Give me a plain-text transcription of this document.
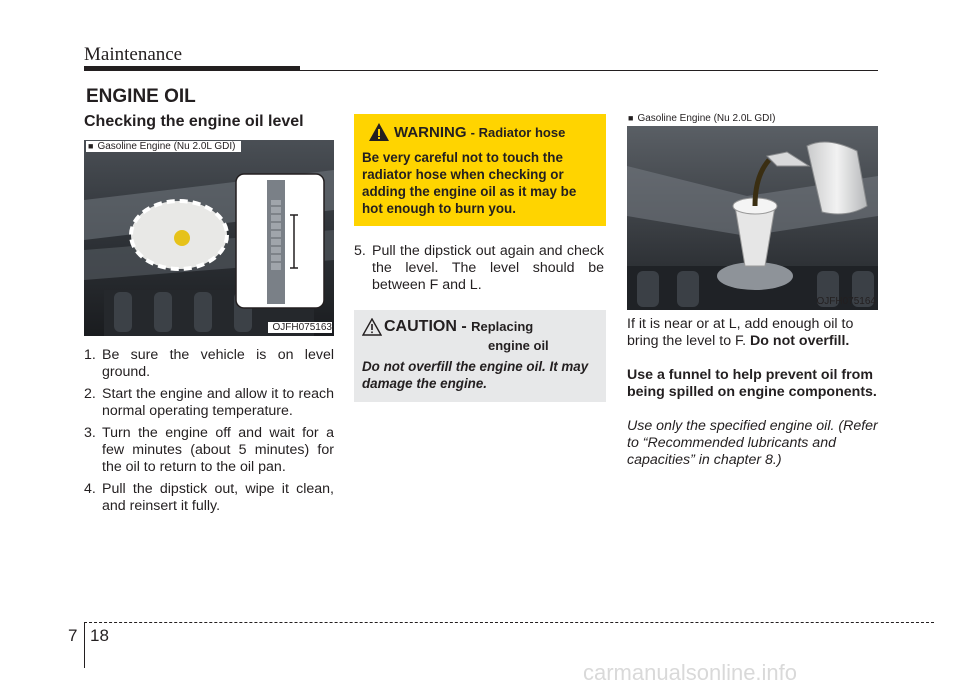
Maintenance
ENGINE OIL
Checking the engine oil level
■ Gasoline Engine (Nu 2.0L GDI)
OJFH075163
1. Be sure the vehicle is on level ground.
2. Start the engine and allow it to reach normal operating temperature.
3. Turn the engine off and wait for a few minutes (about 5 minutes) for the oil to return to the oil pan.
4. Pull the dipstick out, wipe it clean, and reinsert it fully.
WARNING - Radiator hose
Be very careful not to touch the radiator hose when checking or adding the engine oil as it may be hot enough to burn you.
5. Pull the dipstick out again and check the level. The level should be between F and L.
CAUTION - Replacing
engine oil
Do not overfill the engine oil. It may damage the engine.
■ Gasoline Engine (Nu 2.0L GDI)
OJFH075164

If it is near or at L, add enough oil to bring the level to F. Do not overfill.

Use a funnel to help prevent oil from being spilled on engine components.

Use only the specified engine oil. (Refer to “Recommended lubricants and capacities” in chapter 8.)

7 18
carmanualsonline.info
